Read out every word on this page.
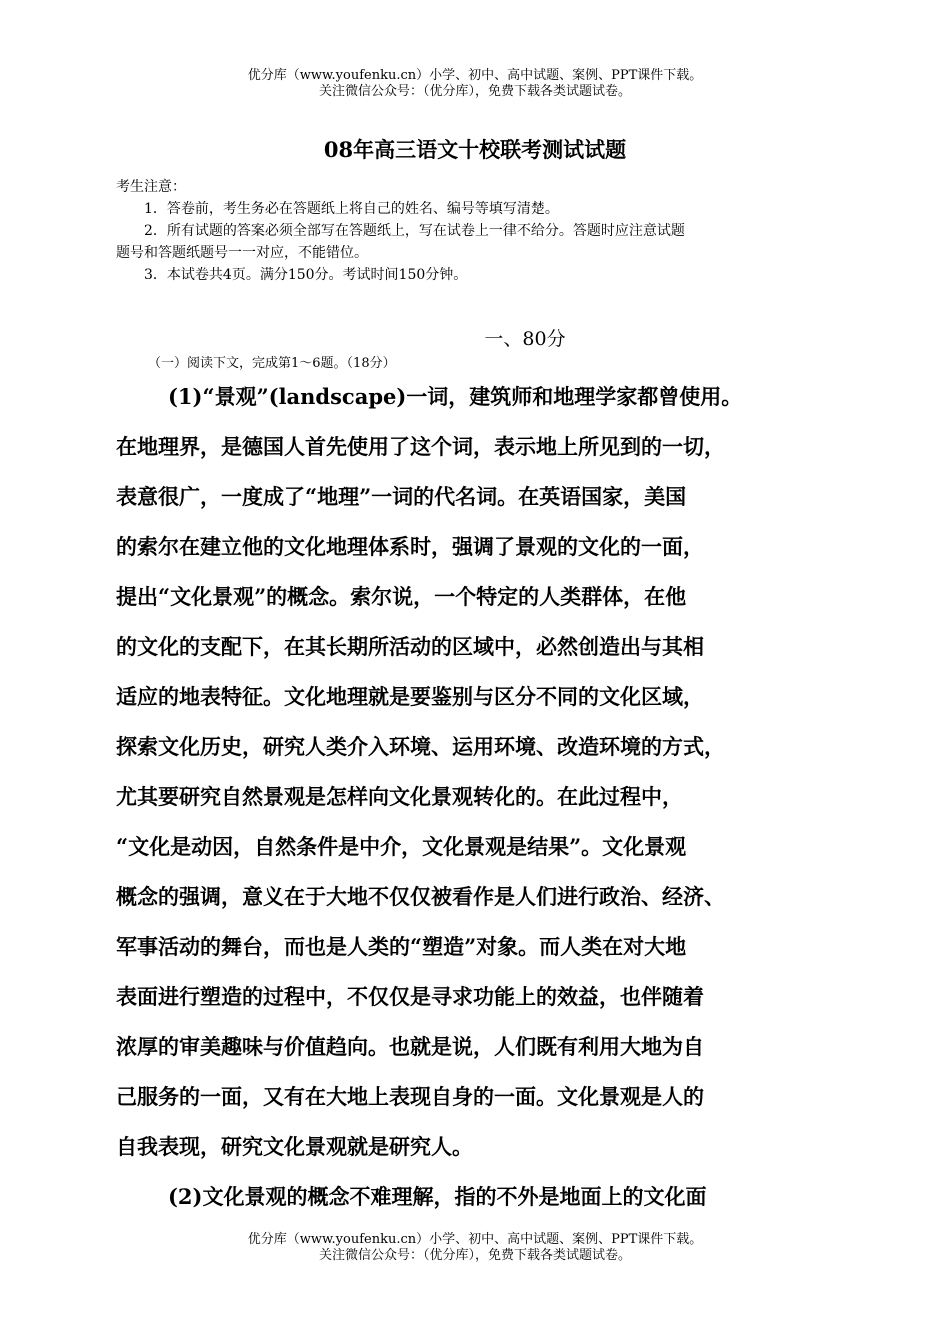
优分库（www.youfenku.cn）小学、初中、高中试题、案例、PPT课件下载。
关注微信公众号：（优分库），免费下载各类试题试卷。
08年高三语文十校联考测试试题

考生注意：

1．答卷前，考生务必在答题纸上将自己的姓名、编号等填写清楚。

2．所有试题的答案必须全部写在答题纸上，写在试卷上一律不给分。答题时应注意试题

题号和答题纸题号一一对应，不能错位。

3．本试卷共4页。满分150分。考试时间150分钟。

一、80分
（一）阅读下文，完成第1～6题。（18分）
(1)“景观”(landscape)一词，建筑师和地理学家都曾使用。
在地理界，是德国人首先使用了这个词，表示地上所见到的一切，
表意很广，一度成了“地理”一词的代名词。在英语国家，美国
的索尔在建立他的文化地理体系时，强调了景观的文化的一面，
提出“文化景观”的概念。索尔说，一个特定的人类群体，在他
的文化的支配下，在其长期所活动的区域中，必然创造出与其相
适应的地表特征。文化地理就是要鉴别与区分不同的文化区域，
探索文化历史，研究人类介入环境、运用环境、改造环境的方式，
尤其要研究自然景观是怎样向文化景观转化的。在此过程中，
“文化是动因，自然条件是中介，文化景观是结果”。文化景观
概念的强调，意义在于大地不仅仅被看作是人们进行政治、经济、
军事活动的舞台，而也是人类的“塑造”对象。而人类在对大地
表面进行塑造的过程中，不仅仅是寻求功能上的效益，也伴随着
浓厚的审美趣味与价值趋向。也就是说，人们既有利用大地为自
己服务的一面，又有在大地上表现自身的一面。文化景观是人的
自我表现，研究文化景观就是研究人。
(2)文化景观的概念不难理解，指的不外是地面上的文化面
优分库（www.youfenku.cn）小学、初中、高中试题、案例、PPT课件下载。
关注微信公众号：（优分库），免费下载各类试题试卷。
